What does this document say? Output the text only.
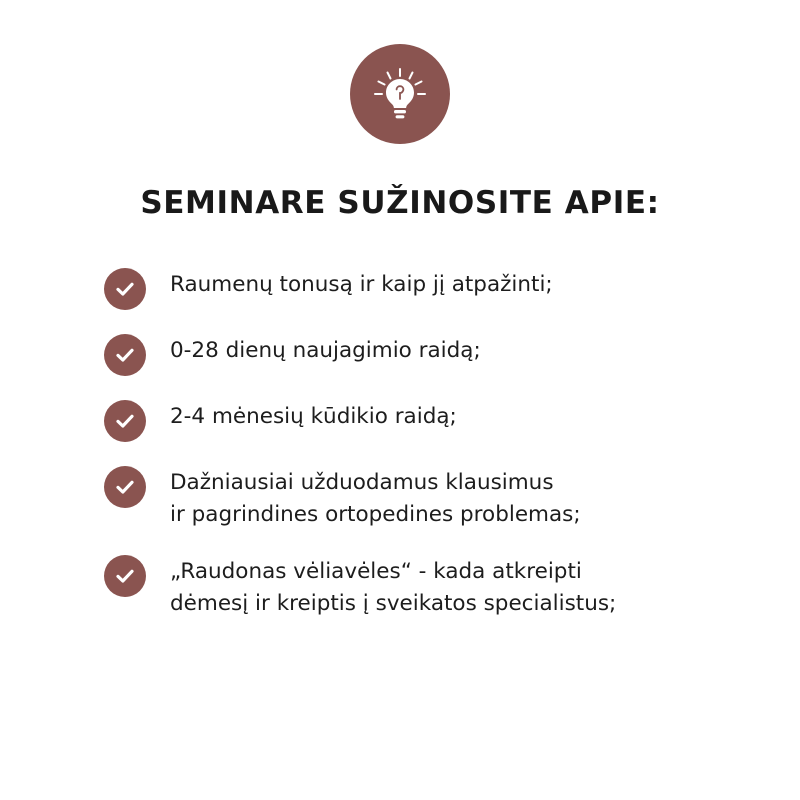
SEMINARE SUŽINOSITE APIE:
Raumenų tonusą ir kaip jį atpažinti;
0-28 dienų naujagimio raidą;
2-4 mėnesių kūdikio raidą;
Dažniausiai užduodamus klausimus
ir pagrindines ortopedines problemas;
„Raudonas vėliavėles“ - kada atkreipti
dėmesį ir kreiptis į sveikatos specialistus;
